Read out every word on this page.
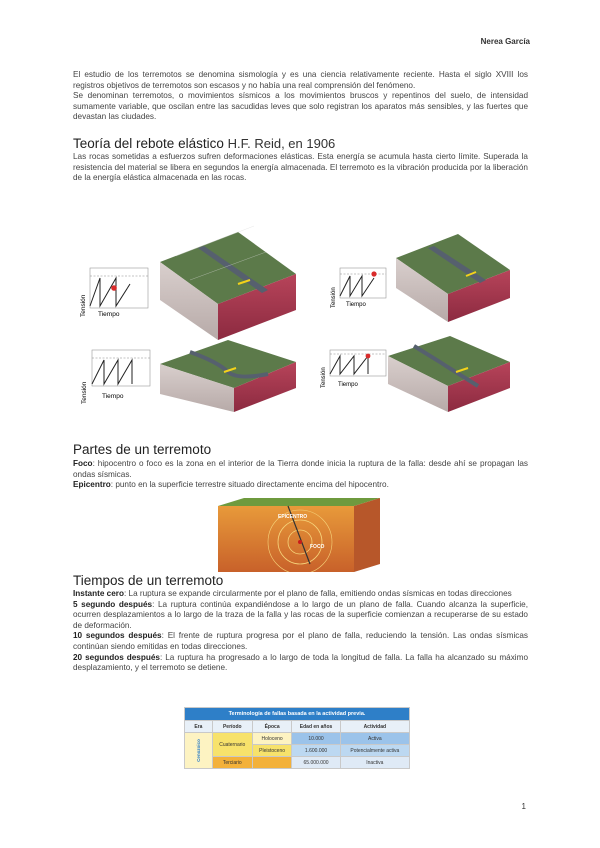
Nerea García

El estudio de los terremotos se denomina sismología y es una ciencia relativamente reciente. Hasta el siglo XVIII los registros objetivos de terremotos son escasos y no había una real comprensión del fenómeno.

Se denominan terremotos, o movimientos sísmicos a los movimientos bruscos y repentinos del suelo, de intensidad sumamente variable, que oscilan entre las sacudidas leves que solo registran los aparatos más sensibles, y las fuertes que devastan las ciudades.

Teoría del rebote elástico H.F. Reid, en 1906

Las rocas sometidas a esfuerzos sufren deformaciones elásticas. Esta energía se acumula hasta cierto límite. Superada la resistencia del material se libera en segundos la energía almacenada. El terremoto es la vibración producida por la liberación de la energía elástica almacenada en las rocas.

Tensión Tiempo
Tensión Tiempo
Tensión Tiempo
Tensión Tiempo
Partes de un terremoto

Foco: hipocentro o foco es la zona en el interior de la Tierra donde inicia la ruptura de la falla: desde ahí se propagan las ondas sísmicas.

Epicentro: punto en la superficie terrestre situado directamente encima del hipocentro.

EPICENTRO
FOCO
Tiempos de un terremoto

Instante cero: La ruptura se expande circularmente por el plano de falla, emitiendo ondas sísmicas en todas direcciones

5 segundo después: La ruptura continúa expandiéndose a lo largo de un plano de falla. Cuando alcanza la superficie, ocurren desplazamientos a lo largo de la traza de la falla y las rocas de la superficie comienzan a recuperarse de su estado de deformación.

10 segundos después: El frente de ruptura progresa por el plano de falla, reduciendo la tensión. Las ondas sísmicas continúan siendo emitidas en todas direcciones.

20 segundos después: La ruptura ha progresado a lo largo de toda la longitud de falla. La falla ha alcanzado su máximo desplazamiento, y el terremoto se detiene.

Terminología de fallas basada en la actividad previa.				
Era	Período	Época	Edad en años	Actividad

Cenozoico	Cuaternario	Holoceno	10.000	Activa
		Pleistoceno	1.600.000	Potencialmente activa
	Terciario		65.000.000	Inactiva
1
